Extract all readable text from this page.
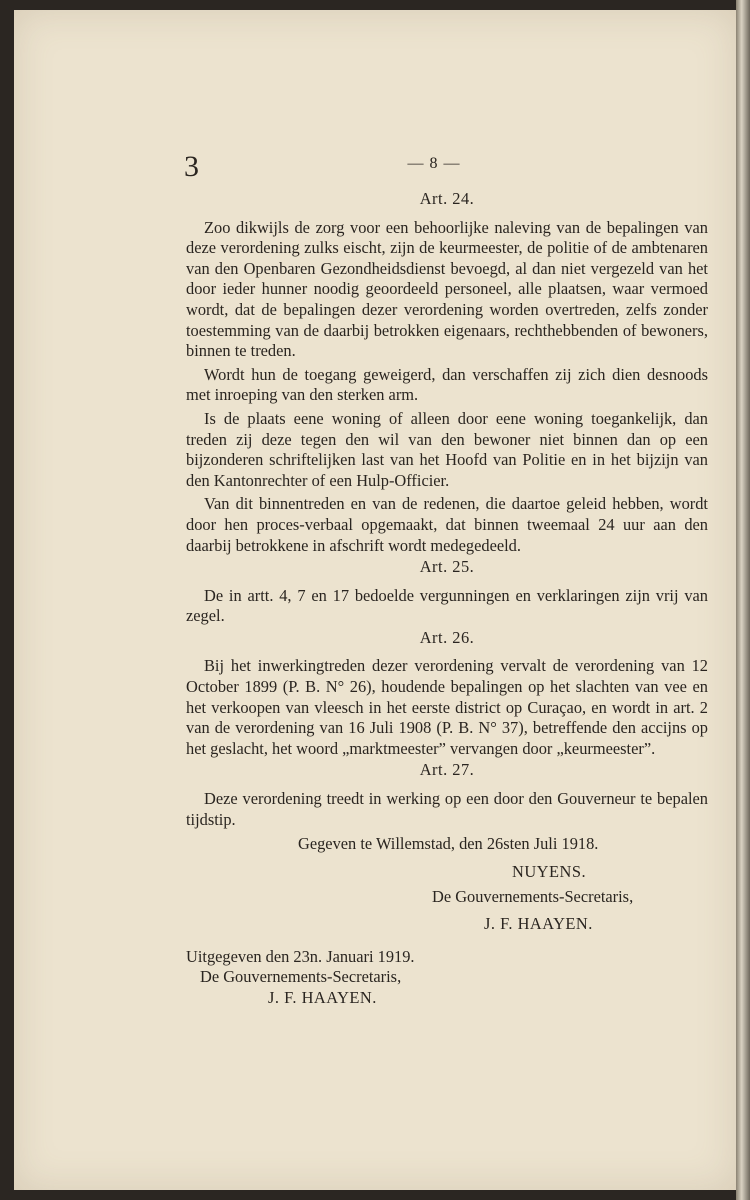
3	— 8 —
Art. 24.

Zoo dikwijls de zorg voor een behoorlijke naleving van de bepalingen van deze verordening zulks eischt, zijn de keurmeester, de politie of de ambtenaren van den Openbaren Gezondheidsdienst bevoegd, al dan niet vergezeld van het door ieder hunner noodig geoordeeld personeel, alle plaatsen, waar vermoed wordt, dat de bepalingen dezer verordening worden overtreden, zelfs zonder toestemming van de daarbij betrokken eigenaars, rechthebbenden of bewoners, binnen te treden.

Wordt hun de toegang geweigerd, dan verschaffen zij zich dien desnoods met inroeping van den sterken arm.

Is de plaats eene woning of alleen door eene woning toegankelijk, dan treden zij deze tegen den wil van den bewoner niet binnen dan op een bijzonderen schriftelijken last van het Hoofd van Politie en in het bijzijn van den Kantonrechter of een Hulp-Officier.

Van dit binnentreden en van de redenen, die daartoe geleid hebben, wordt door hen proces-verbaal opgemaakt, dat binnen tweemaal 24 uur aan den daarbij betrokkene in afschrift wordt medegedeeld.

Art. 25.

De in artt. 4, 7 en 17 bedoelde vergunningen en verklaringen zijn vrij van zegel.

Art. 26.

Bij het inwerkingtreden dezer verordening vervalt de verordening van 12 October 1899 (P. B. N° 26), houdende bepalingen op het slachten van vee en het verkoopen van vleesch in het eerste district op Curaçao, en wordt in art. 2 van de verordening van 16 Juli 1908 (P. B. N° 37), betreffende den accijns op het geslacht, het woord „marktmeester” vervangen door „keurmeester”.

Art. 27.

Deze verordening treedt in werking op een door den Gouverneur te bepalen tijdstip.

Gegeven te Willemstad, den 26sten Juli 1918.

NUYENS.

De Gouvernements-Secretaris,

J. F. HAAYEN.

Uitgegeven den 23n. Januari 1919.

De Gouvernements-Secretaris,

J. F. HAAYEN.
